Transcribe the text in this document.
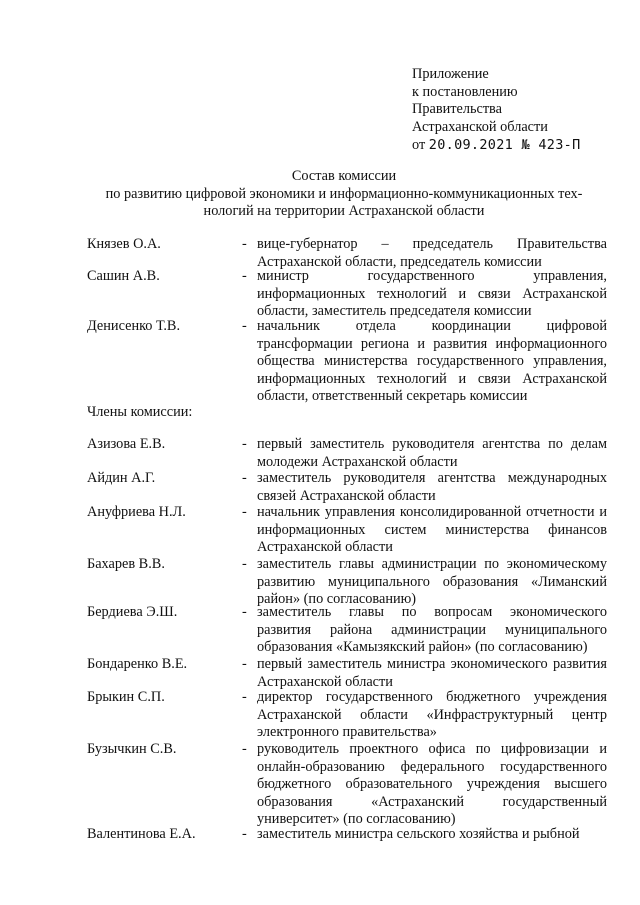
Приложение
к постановлению
Правительства
Астраханской области
от 20.09.2021 № 423-П
Состав комиссии
по развитию цифровой экономики и информационно-коммуникационных тех-
нологий на территории Астраханской области
Князев О.А.	- вице-губернатор – председатель Правительства Астраханской области, председатель комиссии
Сашин А.В.	- министр государственного управления, информационных технологий и связи Астраханской области, заместитель председателя комиссии
Денисенко Т.В.	- начальник отдела координации цифровой трансформации региона и развития информационного общества министерства государственного управления, информационных технологий и связи Астраханской области, ответственный секретарь комиссии
Члены комиссии:
Азизова Е.В.	- первый заместитель руководителя агентства по делам молодежи Астраханской области
Айдин А.Г.	- заместитель руководителя агентства международных связей Астраханской области
Ануфриева Н.Л.	- начальник управления консолидированной отчетности и информационных систем министерства финансов Астраханской области
Бахарев В.В.	- заместитель главы администрации по экономическому развитию муниципального образования «Лиманский район» (по согласованию)
Бердиева Э.Ш.	- заместитель главы по вопросам экономического развития района администрации муниципального образования «Камызякский район» (по согласованию)
Бондаренко В.Е.	- первый заместитель министра экономического развития Астраханской области
Брыкин С.П.	- директор государственного бюджетного учреждения Астраханской области «Инфраструктурный центр электронного правительства»
Бузычкин С.В.	- руководитель проектного офиса по цифровизации и онлайн-образованию федерального государственного бюджетного образовательного учреждения высшего образования «Астраханский государственный университет» (по согласованию)
Валентинова Е.А.	- заместитель министра сельского хозяйства и рыбной
